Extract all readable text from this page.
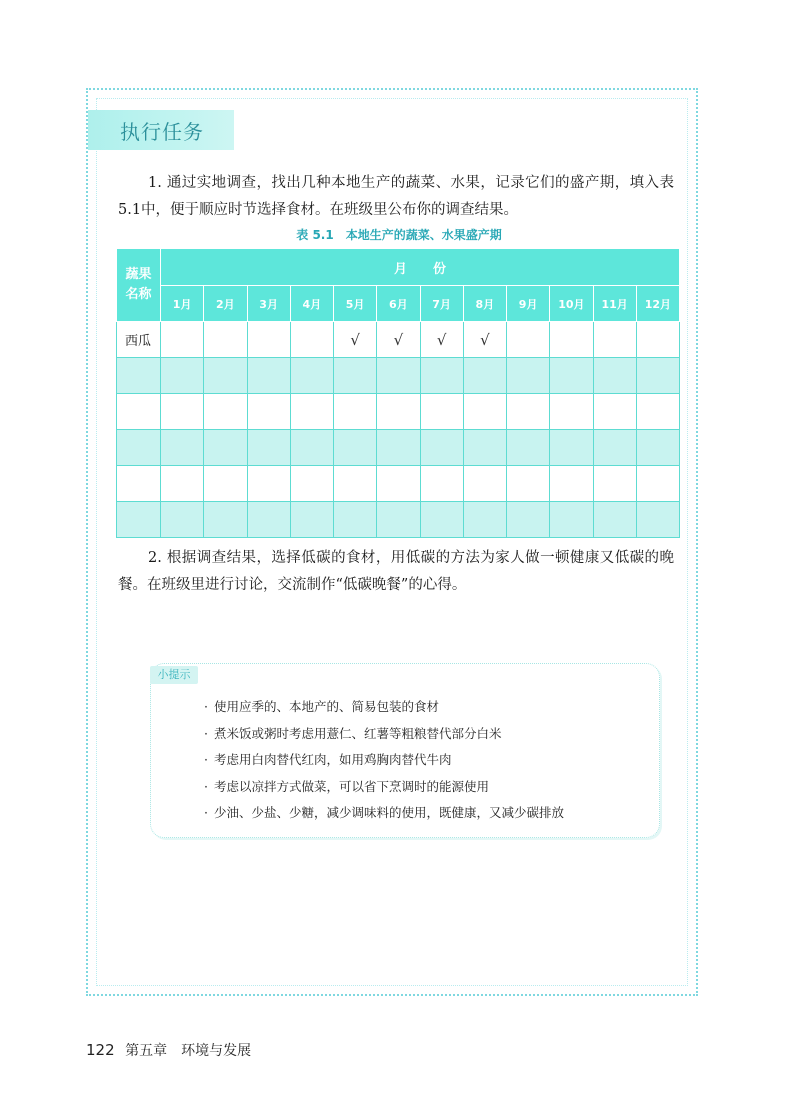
执行任务

1. 通过实地调查，找出几种本地生产的蔬菜、水果，记录它们的盛产期，填入表5.1中，便于顺应时节选择食材。在班级里公布你的调查结果。

表 5.1　本地生产的蔬菜、水果盛产期
蔬果名称	月　　份											
	1月	2月	3月	4月	5月	6月	7月	8月	9月	10月	11月	12月
西瓜					√	√	√	√				

2. 根据调查结果，选择低碳的食材，用低碳的方法为家人做一顿健康又低碳的晚餐。在班级里进行讨论，交流制作“低碳晚餐”的心得。

小提示
· 使用应季的、本地产的、简易包装的食材
· 煮米饭或粥时考虑用薏仁、红薯等粗粮替代部分白米
· 考虑用白肉替代红肉，如用鸡胸肉替代牛肉
· 考虑以凉拌方式做菜，可以省下烹调时的能源使用
· 少油、少盐、少糖，减少调味料的使用，既健康，又减少碳排放
122 第五章　环境与发展
